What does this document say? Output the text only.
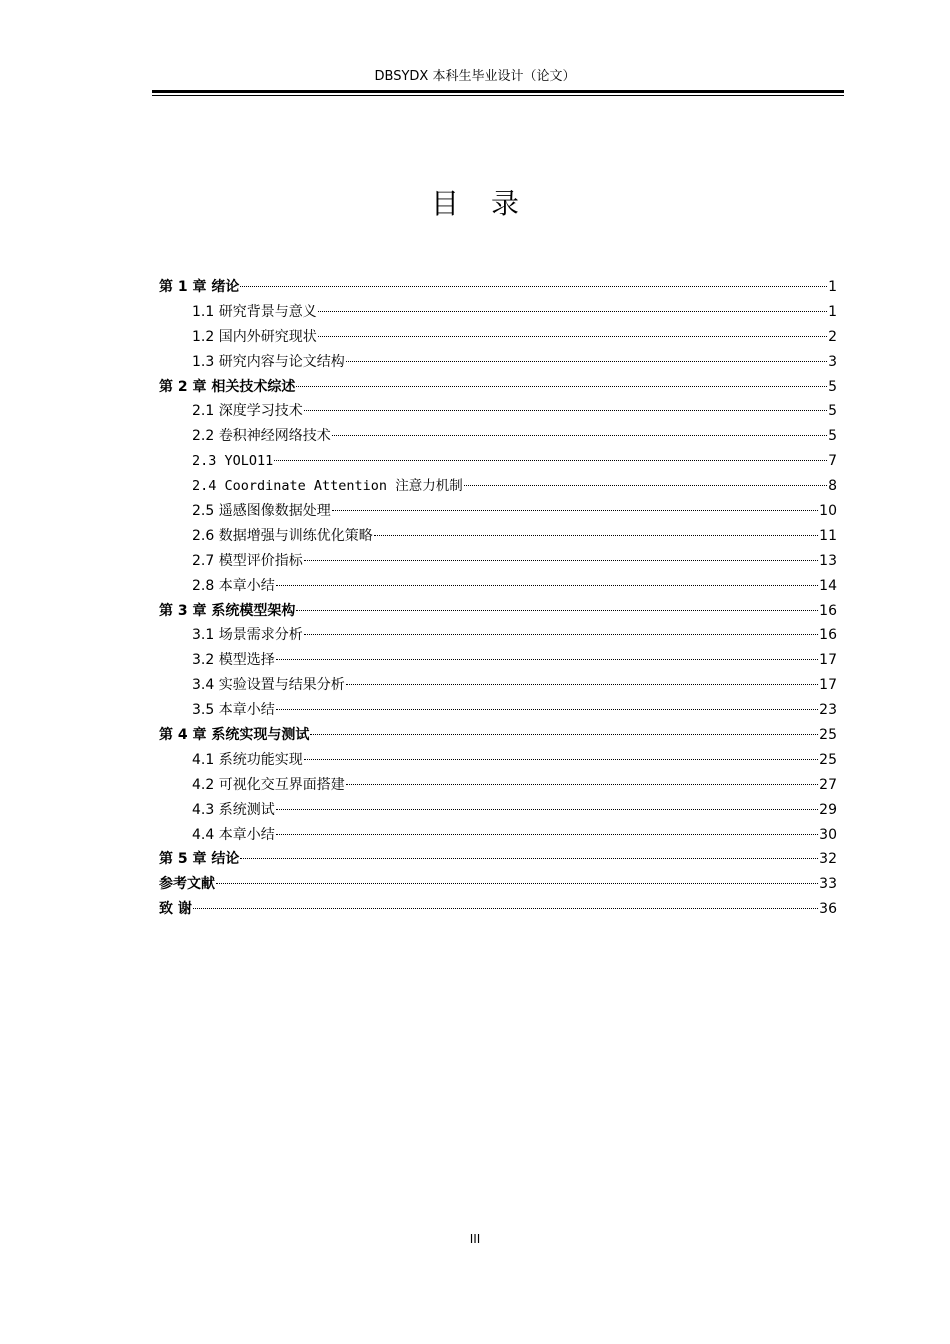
DBSYDX 本科生毕业设计（论文）
目录
第 1 章 绪论	1
1.1 研究背景与意义	1
1.2 国内外研究现状	2
1.3 研究内容与论文结构	3
第 2 章 相关技术综述	5
2.1 深度学习技术	5
2.2 卷积神经网络技术	5
2.3 YOLO11	7
2.4 Coordinate Attention 注意力机制	8
2.5 遥感图像数据处理	10
2.6 数据增强与训练优化策略	11
2.7 模型评价指标	13
2.8 本章小结	14
第 3 章 系统模型架构	16
3.1 场景需求分析	16
3.2 模型选择	17
3.4 实验设置与结果分析	17
3.5 本章小结	23
第 4 章 系统实现与测试	25
4.1 系统功能实现	25
4.2 可视化交互界面搭建	27
4.3 系统测试	29
4.4 本章小结	30
第 5 章 结论	32
参考文献	33
致 谢	36
III
